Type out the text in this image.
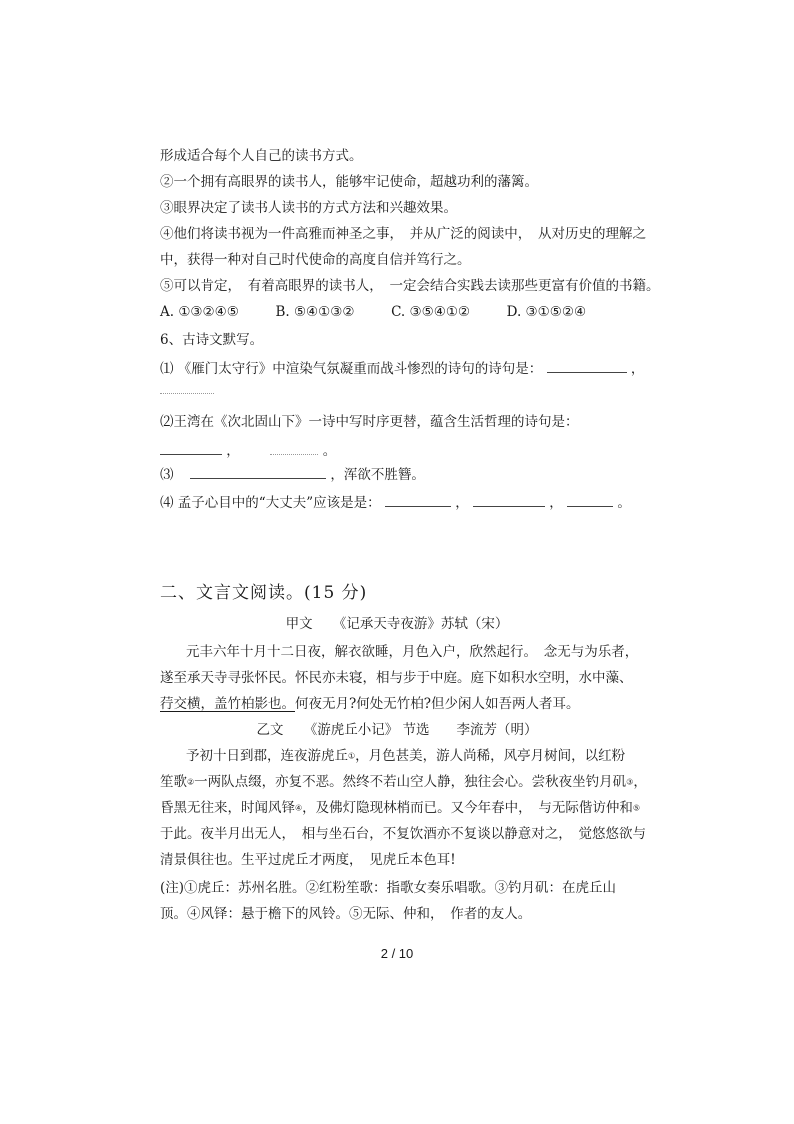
形成适合每个人自己的读书方式。
②一个拥有高眼界的读书人，能够牢记使命，超越功利的藩篱。
③眼界决定了读书人读书的方式方法和兴趣效果。
④他们将读书视为一件高雅而神圣之事，　并从广泛的阅读中，　从对历史的理解之
中，获得一种对自己时代使命的高度自信并笃行之。
⑤可以肯定，　有着高眼界的读书人，　一定会结合实践去读那些更富有价值的书籍。
A. ①③②④⑤	B. ⑤④①③②	C. ③⑤④①②	D. ③①⑤②④
6、古诗文默写。
⑴ 《雁门太守行》中渲染气氛凝重而战斗惨烈的诗句的诗句是：	，
⑵王湾在《次北固山下》一诗中写时序更替，蕴含生活哲理的诗句是：
，	。
⑶	，浑欲不胜簪。
⑷ 孟子心目中的“大丈夫”应该是是：	，	，	。
二、文言文阅读。(15 分)
甲文　　《记承天寺夜游》苏轼（宋）
元丰六年十月十二日夜，解衣欲睡，月色入户，欣然起行。　念无与为乐者，
遂至承天寺寻张怀民。怀民亦未寝，相与步于中庭。庭下如积水空明，水中藻、
荇交横，盖竹柏影也。何夜无月?何处无竹柏?但少闲人如吾两人者耳。
乙文　　《游虎丘小记》 节选　　李流芳（明）
予初十日到郡，连夜游虎丘①，月色甚美，游人尚稀，风亭月树间，以红粉
笙歌②一两队点缀，亦复不恶。然终不若山空人静，独往会心。尝秋夜坐钓月矶③，
昏黑无往来，时闻风铎④，及佛灯隐现林梢而已。又今年春中，　与无际偕访仲和⑤
于此。夜半月出无人，　相与坐石台，不复饮酒亦不复谈以静意对之，　觉悠悠欲与
清景俱往也。生平过虎丘才两度，　见虎丘本色耳!
(注)①虎丘：苏州名胜。②红粉笙歌：指歌女奏乐唱歌。③钓月矶：在虎丘山
顶。④风铎：悬于檐下的风铃。⑤无际、仲和，　作者的友人。
2 / 10
